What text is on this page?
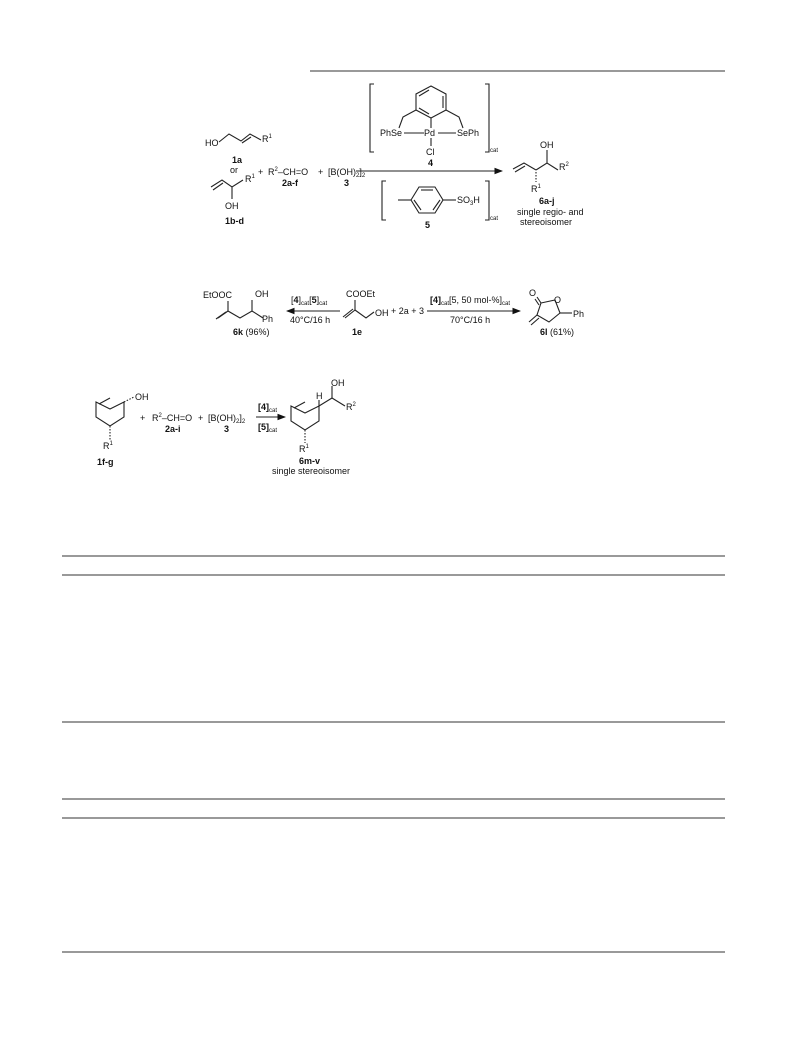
HO	$R^1$
1a
or
$R^1$
OH
1b-d
+ $R^2-CH=O$
2a-f
+ $[B(OH)_2]_2$
3
cat
PhSe Pd SePh
Cl
4
cat
$SO_3H$
5
OH
$R^2$
$R^1$
6a-j
single regio- and
stereoisomer
EtOOC	OH
Ph
6k (96%)
$[4]_{cat}[5]_{cat}$
40°C/16 h
COOEt
OH
1e
+ 2a + 3
$[4]_{cat}[5$, 50 mol-$\%]_{cat}$
70°C/16 h
O
O
Ph
6l (61%)
OH
$R^1$
1f-g
+ $R^2-CH=O$
2a-i
+ $[B(OH)_2]_2$
3
$[4]_{cat}$
$[5]_{cat}$
H
OH
$R^2$
$R^1$
6m-v
single stereoisomer
